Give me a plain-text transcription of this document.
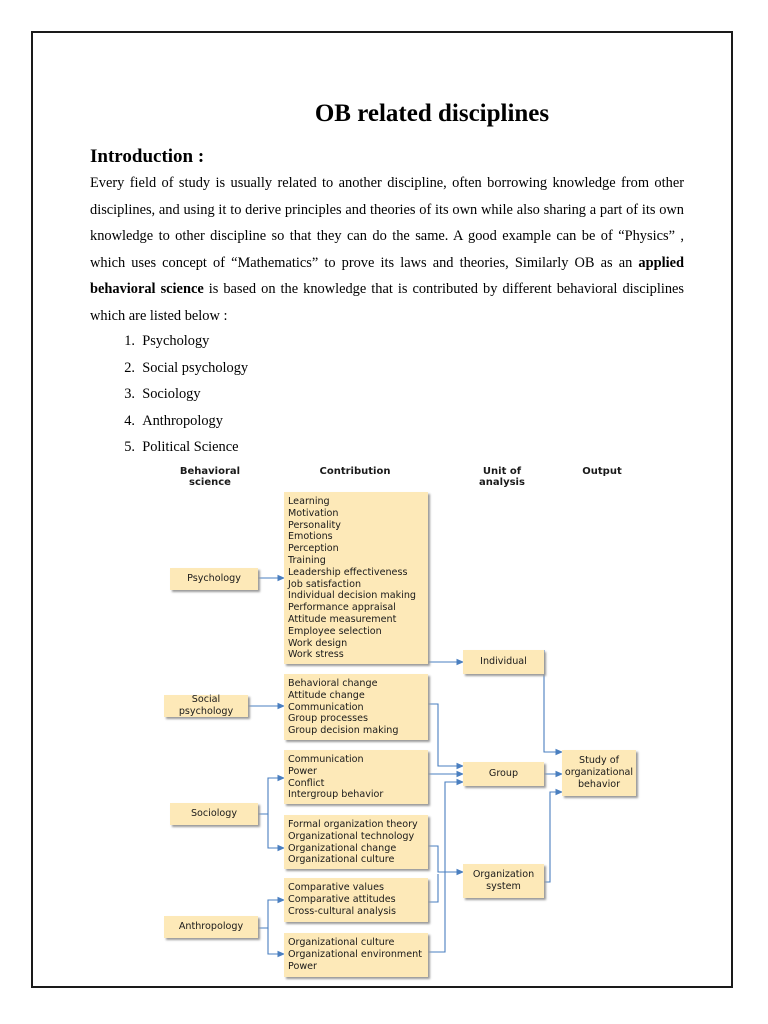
OB related disciplines
Introduction :

Every field of study is usually related to another discipline, often borrowing knowledge from other disciplines, and using it to derive principles and theories of its own while also sharing a part of its own knowledge to other discipline so that they can do the same. A good example can be of “Physics” , which uses concept of “Mathematics” to prove its laws and theories, Similarly OB as an applied behavioral science is based on the knowledge that is contributed by different behavioral disciplines which are listed below :

1. Psychology
2. Social psychology
3. Sociology
4. Anthropology
5. Political Science
Behavioral science
Contribution	Unit of analysis
Output
Psychology
Social psychology
Sociology
Anthropology
Learning
Motivation
Personality
Emotions
Perception
Training
Leadership effectiveness
Job satisfaction
Individual decision making
Performance appraisal
Attitude measurement
Employee selection
Work design
Work stress
Behavioral change
Attitude change
Communication
Group processes
Group decision making
Communication
Power
Conflict
Intergroup behavior
Formal organization theory
Organizational technology
Organizational change
Organizational culture
Comparative values
Comparative attitudes
Cross-cultural analysis
Organizational culture
Organizational environment
Power
Individual
Group
Organization system
Study of organizational behavior
